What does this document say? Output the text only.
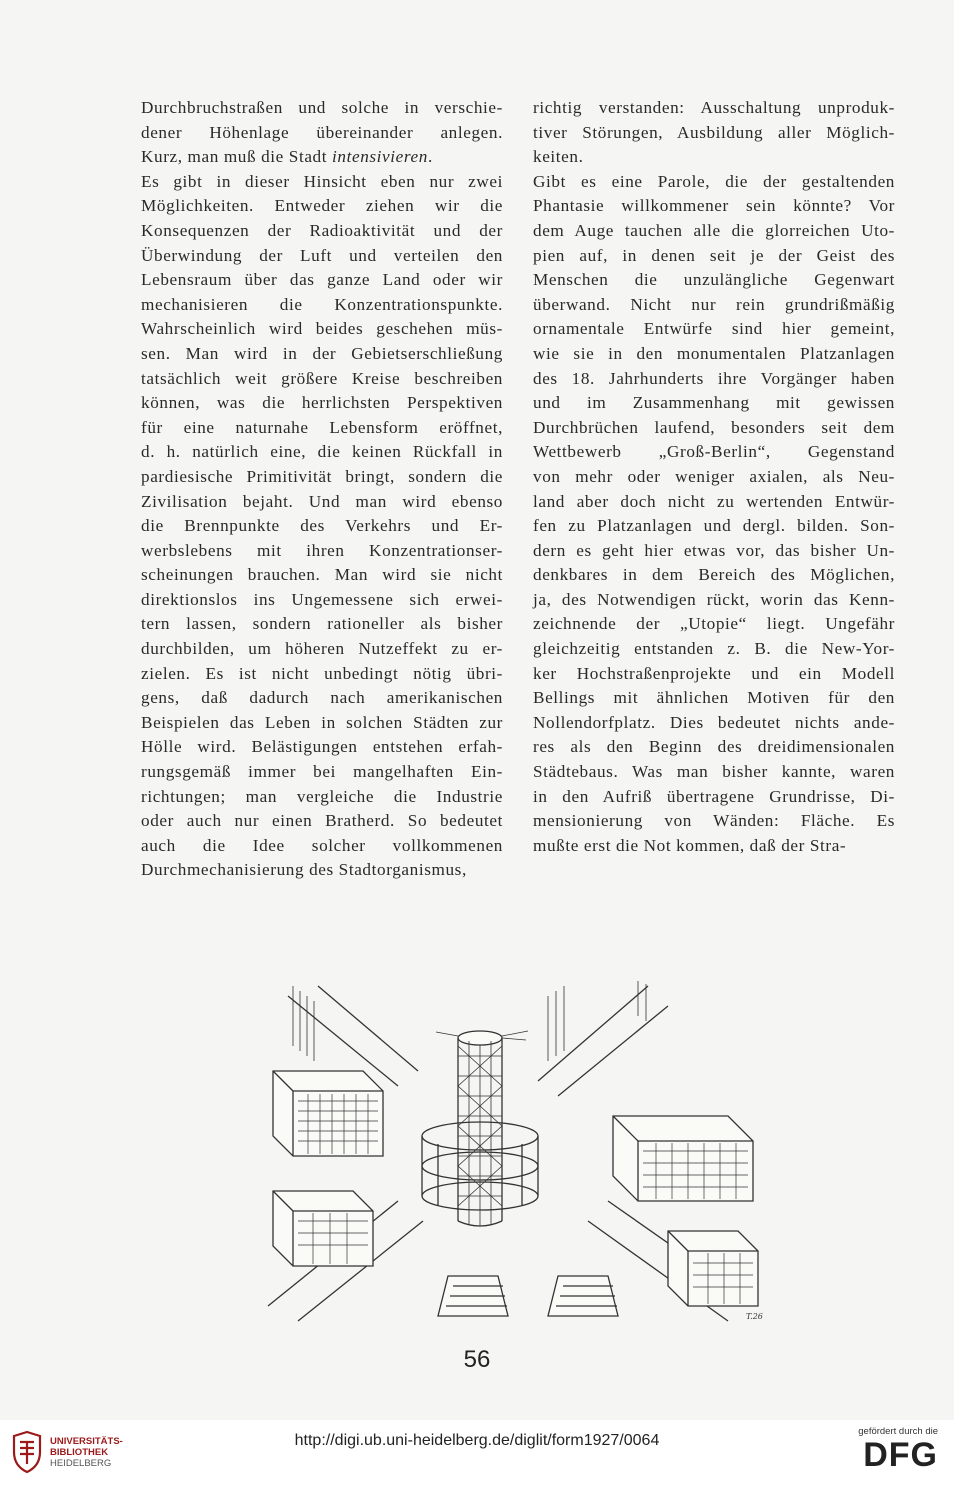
Durchbruchstraßen und solche in verschie-
dener Höhenlage übereinander anlegen.
Kurz, man muß die Stadt intensivieren.
Es gibt in dieser Hinsicht eben nur zwei
Möglichkeiten. Entweder ziehen wir die
Konsequenzen der Radioaktivität und der
Überwindung der Luft und verteilen den
Lebensraum über das ganze Land oder wir
mechanisieren die Konzentrationspunkte.
Wahrscheinlich wird beides geschehen müs-
sen. Man wird in der Gebietserschließung
tatsächlich weit größere Kreise beschreiben
können, was die herrlichsten Perspektiven
für eine naturnahe Lebensform eröffnet,
d. h. natürlich eine, die keinen Rückfall in
pardiesische Primitivität bringt, sondern die
Zivilisation bejaht. Und man wird ebenso
die Brennpunkte des Verkehrs und Er-
werbslebens mit ihren Konzentrationser-
scheinungen brauchen. Man wird sie nicht
direktionslos ins Ungemessene sich erwei-
tern lassen, sondern rationeller als bisher
durchbilden, um höheren Nutzeffekt zu er-
zielen. Es ist nicht unbedingt nötig übri-
gens, daß dadurch nach amerikanischen
Beispielen das Leben in solchen Städten zur
Hölle wird. Belästigungen entstehen erfah-
rungsgemäß immer bei mangelhaften Ein-
richtungen; man vergleiche die Industrie
oder auch nur einen Bratherd. So bedeutet
auch die Idee solcher vollkommenen
Durchmechanisierung des Stadtorganismus,
richtig verstanden: Ausschaltung unproduk-
tiver Störungen, Ausbildung aller Möglich-
keiten.
Gibt es eine Parole, die der gestaltenden
Phantasie willkommener sein könnte? Vor
dem Auge tauchen alle die glorreichen Uto-
pien auf, in denen seit je der Geist des
Menschen die unzulängliche Gegenwart
überwand. Nicht nur rein grundrißmäßig
ornamentale Entwürfe sind hier gemeint,
wie sie in den monumentalen Platzanlagen
des 18. Jahrhunderts ihre Vorgänger haben
und im Zusammenhang mit gewissen
Durchbrüchen laufend, besonders seit dem
Wettbewerb „Groß-Berlin“, Gegenstand
von mehr oder weniger axialen, als Neu-
land aber doch nicht zu wertenden Entwür-
fen zu Platzanlagen und dergl. bilden. Son-
dern es geht hier etwas vor, das bisher Un-
denkbares in dem Bereich des Möglichen,
ja, des Notwendigen rückt, worin das Kenn-
zeichnende der „Utopie“ liegt. Ungefähr
gleichzeitig entstanden z. B. die New-Yor-
ker Hochstraßenprojekte und ein Modell
Bellings mit ähnlichen Motiven für den
Nollendorfplatz. Dies bedeutet nichts ande-
res als den Beginn des dreidimensionalen
Städtebaus. Was man bisher kannte, waren
in den Aufriß übertragene Grundrisse, Di-
mensionierung von Wänden: Fläche. Es
mußte erst die Not kommen, daß der Stra-
T.26
56
UNIVERSITÄTS-
BIBLIOTHEK
HEIDELBERG
http://digi.ub.uni-heidelberg.de/diglit/form1927/0064
gefördert durch die
DFG
